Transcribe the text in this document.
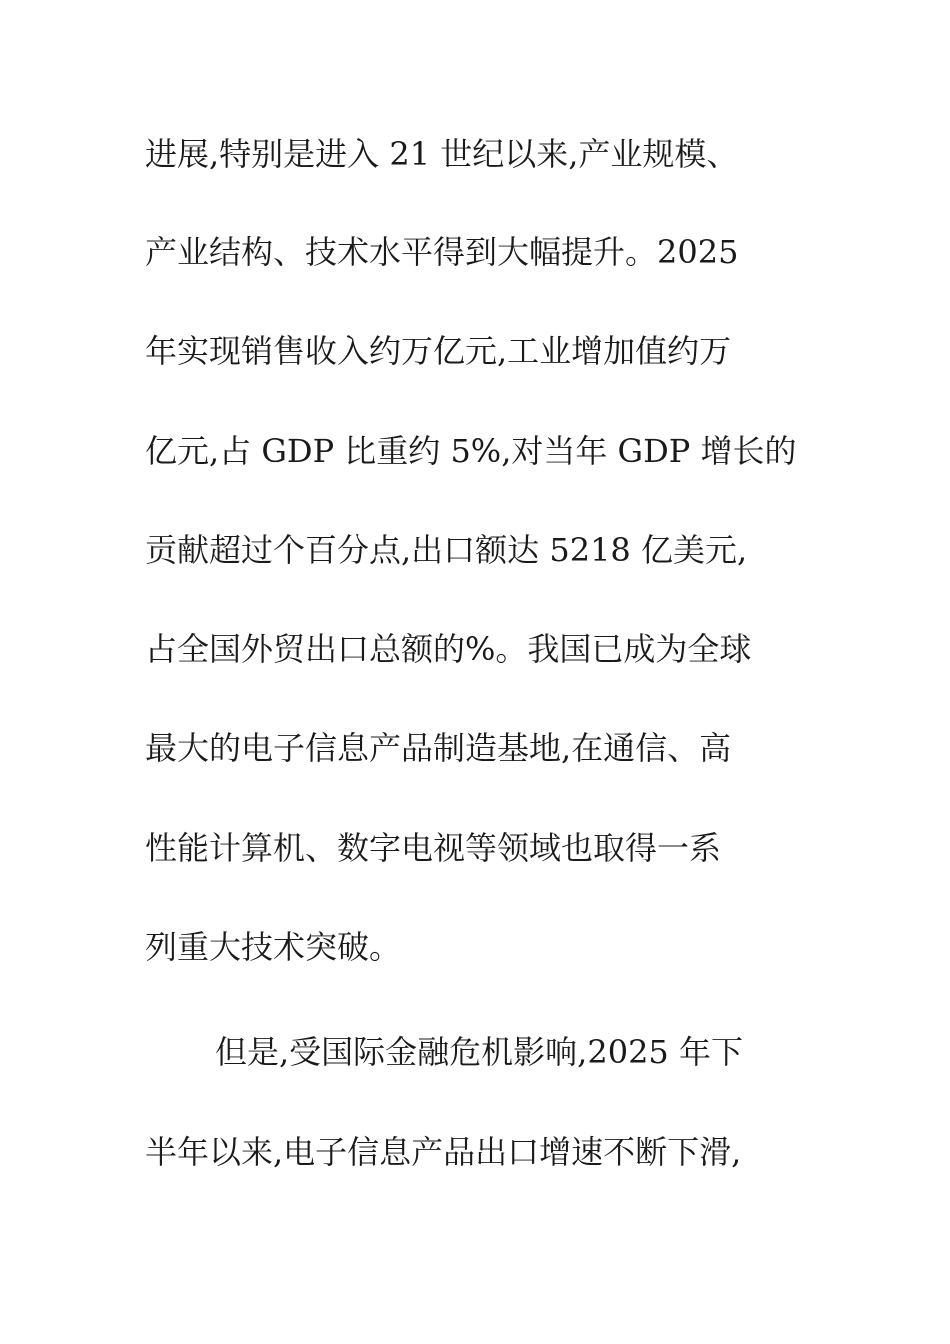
进展,特别是进入 21 世纪以来,产业规模、
产业结构、技术水平得到大幅提升。2025
年实现销售收入约万亿元,工业增加值约万
亿元,占 GDP 比重约 5%,对当年 GDP 增长的
贡献超过个百分点,出口额达 5218 亿美元,
占全国外贸出口总额的%。我国已成为全球
最大的电子信息产品制造基地,在通信、高
性能计算机、数字电视等领域也取得一系
列重大技术突破。
但是,受国际金融危机影响,2025 年下
半年以来,电子信息产品出口增速不断下滑,
